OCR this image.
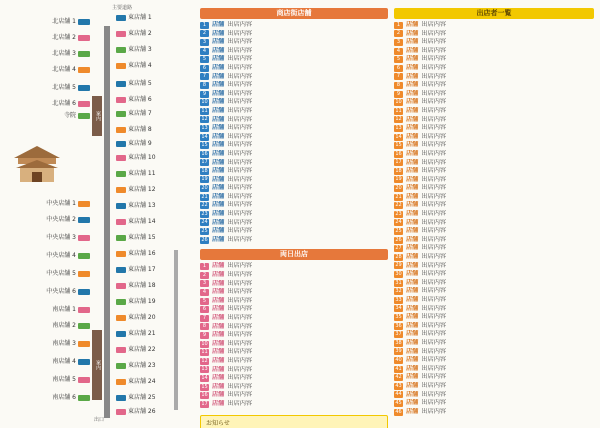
主要道路
案内
案内
北店舗 1
北店舗 2
北店舗 3
北店舗 4
北店舗 5
北店舗 6
寺院
中央店舗 1
中央店舗 2
中央店舗 3
中央店舗 4
中央店舗 5
中央店舗 6
南店舗 1
南店舗 2
南店舗 3
南店舗 4
南店舗 5
南店舗 6
東店舗 1
東店舗 2
東店舗 3
東店舗 4
東店舗 5
東店舗 6
東店舗 7
東店舗 8
東店舗 9
東店舗 10
東店舗 11
東店舗 12
東店舗 13
東店舗 14
東店舗 15
東店舗 16
東店舗 17
東店舗 18
東店舗 19
東店舗 20
東店舗 21
東店舗 22
東店舗 23
東店舗 24
東店舗 25
東店舗 26
出口
商店街店舗
1 店舗 出店内容
2 店舗 出店内容
3 店舗 出店内容
4 店舗 出店内容
5 店舗 出店内容
6 店舗 出店内容
7 店舗 出店内容
8 店舗 出店内容
9 店舗 出店内容
10 店舗 出店内容
11 店舗 出店内容
12 店舗 出店内容
13 店舗 出店内容
14 店舗 出店内容
15 店舗 出店内容
16 店舗 出店内容
17 店舗 出店内容
18 店舗 出店内容
19 店舗 出店内容
20 店舗 出店内容
21 店舗 出店内容
22 店舗 出店内容
23 店舗 出店内容
24 店舗 出店内容
25 店舗 出店内容
26 店舗 出店内容
両日出店
1 店舗 出店内容
2 店舗 出店内容
3 店舗 出店内容
4 店舗 出店内容
5 店舗 出店内容
6 店舗 出店内容
7 店舗 出店内容
8 店舗 出店内容
9 店舗 出店内容
10 店舗 出店内容
11 店舗 出店内容
12 店舗 出店内容
13 店舗 出店内容
14 店舗 出店内容
15 店舗 出店内容
16 店舗 出店内容
17 店舗 出店内容
お知らせ
出店者一覧
1 店舗 出店内容
2 店舗 出店内容
3 店舗 出店内容
4 店舗 出店内容
5 店舗 出店内容
6 店舗 出店内容
7 店舗 出店内容
8 店舗 出店内容
9 店舗 出店内容
10 店舗 出店内容
11 店舗 出店内容
12 店舗 出店内容
13 店舗 出店内容
14 店舗 出店内容
15 店舗 出店内容
16 店舗 出店内容
17 店舗 出店内容
18 店舗 出店内容
19 店舗 出店内容
20 店舗 出店内容
21 店舗 出店内容
22 店舗 出店内容
23 店舗 出店内容
24 店舗 出店内容
25 店舗 出店内容
26 店舗 出店内容
27 店舗 出店内容
28 店舗 出店内容
29 店舗 出店内容
30 店舗 出店内容
31 店舗 出店内容
32 店舗 出店内容
33 店舗 出店内容
34 店舗 出店内容
35 店舗 出店内容
36 店舗 出店内容
37 店舗 出店内容
38 店舗 出店内容
39 店舗 出店内容
40 店舗 出店内容
41 店舗 出店内容
42 店舗 出店内容
43 店舗 出店内容
44 店舗 出店内容
45 店舗 出店内容
46 店舗 出店内容
